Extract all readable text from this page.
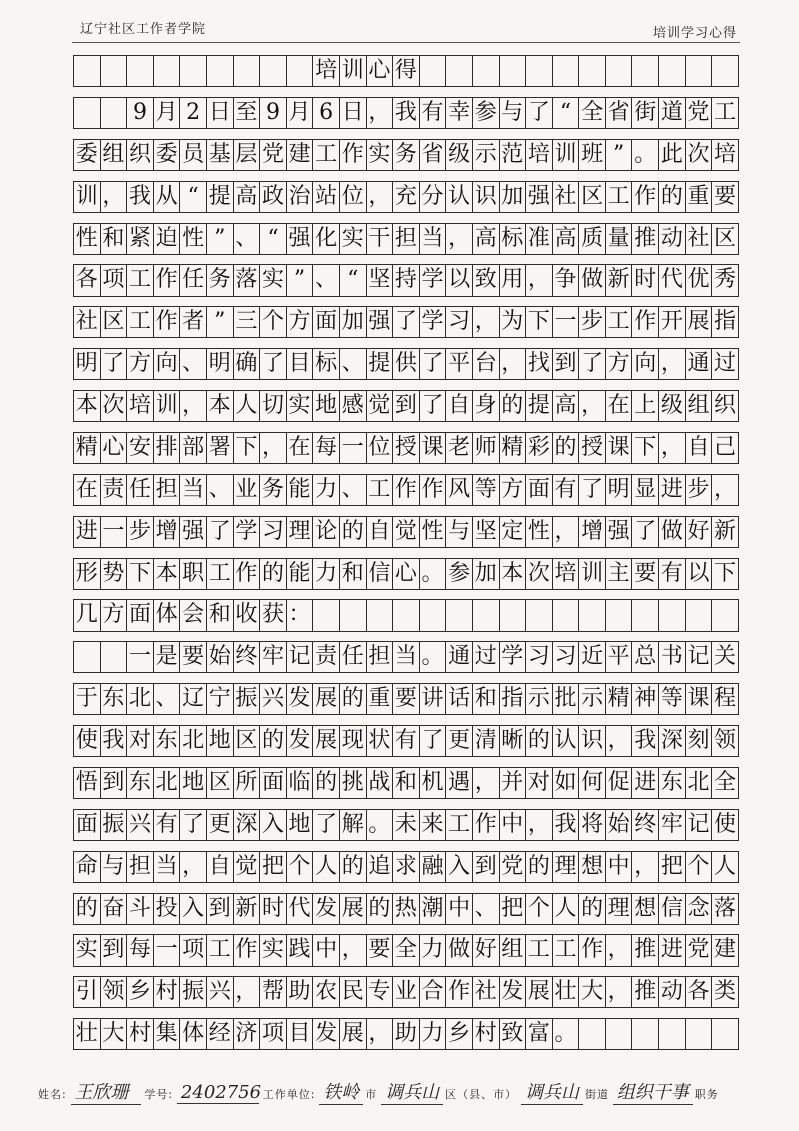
辽宁社区工作者学院	培训学习心得
培 训 心 得
9 月 2 日 至 9 月 6 日 ， 我 有 幸 参 与 了 “ 全 省 街 道 党 工
委 组 织 委 员 基 层 党 建 工 作 实 务 省 级 示 范 培 训 班 ” 。 此 次 培
训 ， 我 从 “ 提 高 政 治 站 位 ， 充 分 认 识 加 强 社 区 工 作 的 重 要
性 和 紧 迫 性 ” 、 “ 强 化 实 干 担 当 ， 高 标 准 高 质 量 推 动 社 区
各 项 工 作 任 务 落 实 ” 、 “ 坚 持 学 以 致 用 ， 争 做 新 时 代 优 秀
社 区 工 作 者 ” 三 个 方 面 加 强 了 学 习 ， 为 下 一 步 工 作 开 展 指
明 了 方 向 、 明 确 了 目 标 、 提 供 了 平 台 ， 找 到 了 方 向 ， 通 过
本 次 培 训 ， 本 人 切 实 地 感 觉 到 了 自 身 的 提 高 ， 在 上 级 组 织
精 心 安 排 部 署 下 ， 在 每 一 位 授 课 老 师 精 彩 的 授 课 下 ， 自 己
在 责 任 担 当 、 业 务 能 力 、 工 作 作 风 等 方 面 有 了 明 显 进 步 ，
进 一 步 增 强 了 学 习 理 论 的 自 觉 性 与 坚 定 性 ， 增 强 了 做 好 新
形 势 下 本 职 工 作 的 能 力 和 信 心 。 参 加 本 次 培 训 主 要 有 以 下
几 方 面 体 会 和 收 获 ：
一 是 要 始 终 牢 记 责 任 担 当 。 通 过 学 习 习 近 平 总 书 记 关
于 东 北 、 辽 宁 振 兴 发 展 的 重 要 讲 话 和 指 示 批 示 精 神 等 课 程
使 我 对 东 北 地 区 的 发 展 现 状 有 了 更 清 晰 的 认 识 ， 我 深 刻 领
悟 到 东 北 地 区 所 面 临 的 挑 战 和 机 遇 ， 并 对 如 何 促 进 东 北 全
面 振 兴 有 了 更 深 入 地 了 解 。 未 来 工 作 中 ， 我 将 始 终 牢 记 使
命 与 担 当 ， 自 觉 把 个 人 的 追 求 融 入 到 党 的 理 想 中 ， 把 个 人
的 奋 斗 投 入 到 新 时 代 发 展 的 热 潮 中 、 把 个 人 的 理 想 信 念 落
实 到 每 一 项 工 作 实 践 中 ， 要 全 力 做 好 组 工 工 作 ， 推 进 党 建
引 领 乡 村 振 兴 ， 帮 助 农 民 专 业 合 作 社 发 展 壮 大 ， 推 动 各 类
壮 大 村 集 体 经 济 项 目 发 展 ， 助 力 乡 村 致 富 。
姓名: 王欣珊 学号: 2402756 工作单位: 铁岭 市 调兵山 区（县、市） 调兵山 街道 组织干事 职务
